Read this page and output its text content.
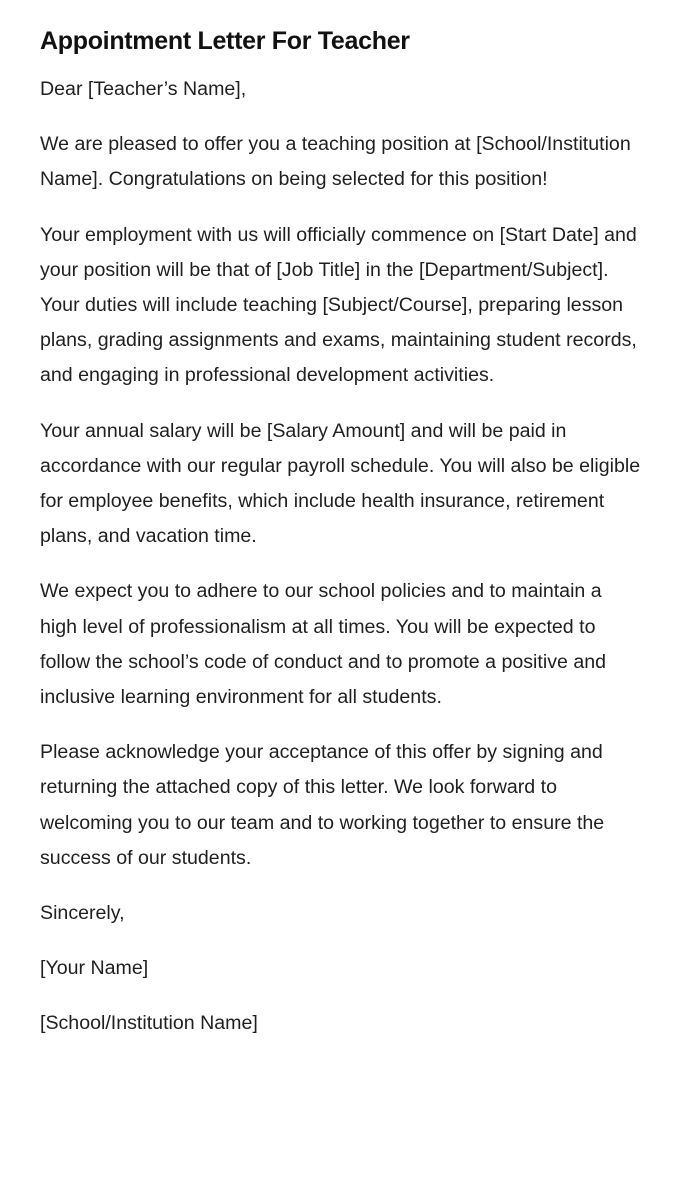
Appointment Letter For Teacher

Dear [Teacher’s Name],

We are pleased to offer you a teaching position at [School/Institution Name]. Congratulations on being selected for this position!

Your employment with us will officially commence on [Start Date] and your position will be that of [Job Title] in the [Department/Subject]. Your duties will include teaching [Subject/Course], preparing lesson plans, grading assignments and exams, maintaining student records, and engaging in professional development activities.

Your annual salary will be [Salary Amount] and will be paid in accordance with our regular payroll schedule. You will also be eligible for employee benefits, which include health insurance, retirement plans, and vacation time.

We expect you to adhere to our school policies and to maintain a high level of professionalism at all times. You will be expected to follow the school’s code of conduct and to promote a positive and inclusive learning environment for all students.

Please acknowledge your acceptance of this offer by signing and returning the attached copy of this letter. We look forward to welcoming you to our team and to working together to ensure the success of our students.

Sincerely,

[Your Name]

[School/Institution Name]
